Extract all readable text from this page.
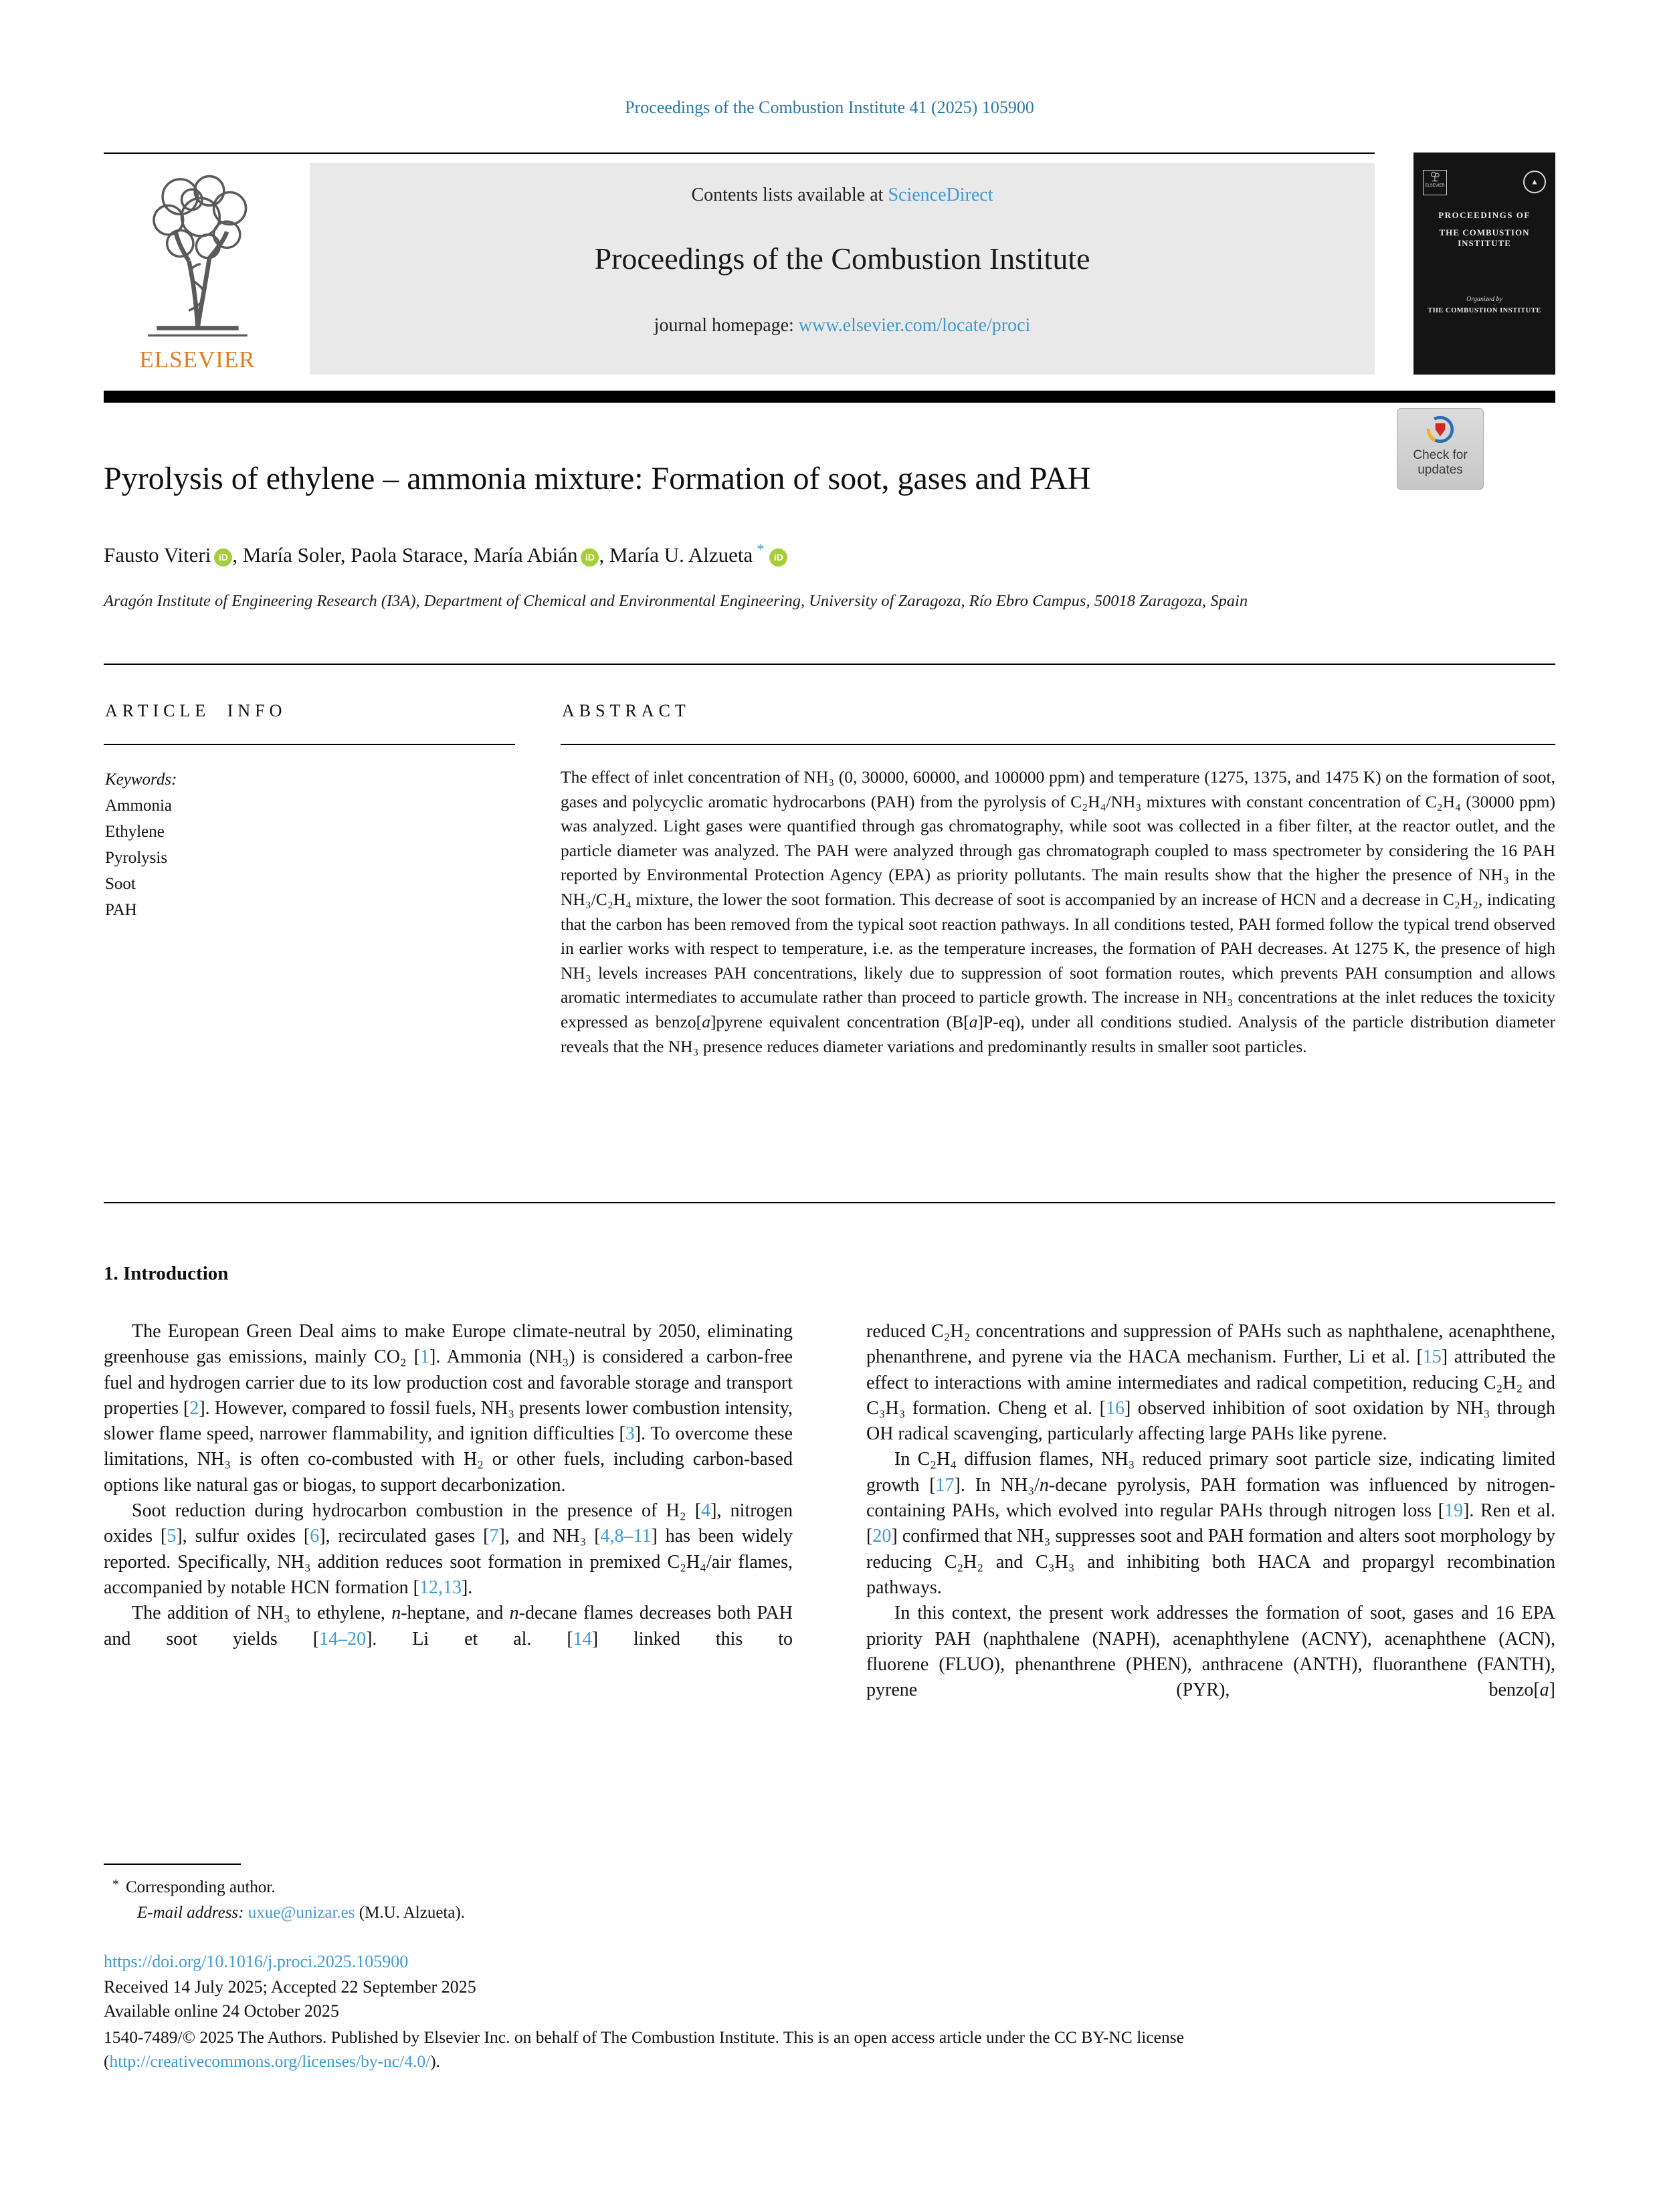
Proceedings of the Combustion Institute 41 (2025) 105900
ELSEVIER
Contents lists available at ScienceDirect
Proceedings of the Combustion Institute
journal homepage: www.elsevier.com/locate/proci
ELSEVIER	▲
PROCEEDINGS OF
THE COMBUSTION INSTITUTE
Organized by
THE COMBUSTION INSTITUTE
Pyrolysis of ethylene – ammonia mixture: Formation of soot, gases and PAH
Check for
updates
Fausto Viteri iD , María Soler, Paola Starace, María Abián iD , María U. Alzueta * iD
Aragón Institute of Engineering Research (I3A), Department of Chemical and Environmental Engineering, University of Zaragoza, Río Ebro Campus, 50018 Zaragoza, Spain
ARTICLE INFO	ABSTRACT
Keywords:
Ammonia
Ethylene
Pyrolysis
Soot
PAH
The effect of inlet concentration of NH₃ (0, 30000, 60000, and 100000 ppm) and temperature (1275, 1375, and 1475 K) on the formation of soot, gases and polycyclic aromatic hydrocarbons (PAH) from the pyrolysis of C₂H₄/NH₃ mixtures with constant concentration of C₂H₄ (30000 ppm) was analyzed. Light gases were quantified through gas chromatography, while soot was collected in a fiber filter, at the reactor outlet, and the particle diameter was analyzed. The PAH were analyzed through gas chromatograph coupled to mass spectrometer by considering the 16 PAH reported by Environmental Protection Agency (EPA) as priority pollutants. The main results show that the higher the presence of NH₃ in the NH₃/C₂H₄ mixture, the lower the soot formation. This decrease of soot is accompanied by an increase of HCN and a decrease in C₂H₂, indicating that the carbon has been removed from the typical soot reaction pathways. In all conditions tested, PAH formed follow the typical trend observed in earlier works with respect to temperature, i.e. as the temperature increases, the formation of PAH decreases. At 1275 K, the presence of high NH₃ levels increases PAH concentrations, likely due to suppression of soot formation routes, which prevents PAH consumption and allows aromatic intermediates to accumulate rather than proceed to particle growth. The increase in NH₃ concentrations at the inlet reduces the toxicity expressed as benzo[a]pyrene equivalent concentration (B[a]P-eq), under all conditions studied. Analysis of the particle distribution diameter reveals that the NH₃ presence reduces diameter variations and predominantly results in smaller soot particles.
1. Introduction

The European Green Deal aims to make Europe climate-neutral by 2050, eliminating greenhouse gas emissions, mainly CO₂ [1]. Ammonia (NH₃) is considered a carbon-free fuel and hydrogen carrier due to its low production cost and favorable storage and transport properties [2]. However, compared to fossil fuels, NH₃ presents lower combustion intensity, slower flame speed, narrower flammability, and ignition difficulties [3]. To overcome these limitations, NH₃ is often co-combusted with H₂ or other fuels, including carbon-based options like natural gas or biogas, to support decarbonization.

Soot reduction during hydrocarbon combustion in the presence of H₂ [4], nitrogen oxides [5], sulfur oxides [6], recirculated gases [7], and NH₃ [4,8–11] has been widely reported. Specifically, NH₃ addition reduces soot formation in premixed C₂H₄/air flames, accompanied by notable HCN formation [12,13].

The addition of NH₃ to ethylene, n-heptane, and n-decane flames decreases both PAH and soot yields [14–20]. Li et al. [14] linked this to

reduced C₂H₂ concentrations and suppression of PAHs such as naphthalene, acenaphthene, phenanthrene, and pyrene via the HACA mechanism. Further, Li et al. [15] attributed the effect to interactions with amine intermediates and radical competition, reducing C₂H₂ and C₃H₃ formation. Cheng et al. [16] observed inhibition of soot oxidation by NH₃ through OH radical scavenging, particularly affecting large PAHs like pyrene.

In C₂H₄ diffusion flames, NH₃ reduced primary soot particle size, indicating limited growth [17]. In NH₃/n-decane pyrolysis, PAH formation was influenced by nitrogen-containing PAHs, which evolved into regular PAHs through nitrogen loss [19]. Ren et al. [20] confirmed that NH₃ suppresses soot and PAH formation and alters soot morphology by reducing C₂H₂ and C₃H₃ and inhibiting both HACA and propargyl recombination pathways.

In this context, the present work addresses the formation of soot, gases and 16 EPA priority PAH (naphthalene (NAPH), acenaphthylene (ACNY), acenaphthene (ACN), fluorene (FLUO), phenanthrene (PHEN), anthracene (ANTH), fluoranthene (FANTH), pyrene (PYR), benzo[a]

* Corresponding author.
E-mail address: uxue@unizar.es (M.U. Alzueta).
https://doi.org/10.1016/j.proci.2025.105900
Received 14 July 2025; Accepted 22 September 2025
Available online 24 October 2025
1540-7489/© 2025 The Authors. Published by Elsevier Inc. on behalf of The Combustion Institute. This is an open access article under the CC BY-NC license
(http://creativecommons.org/licenses/by-nc/4.0/).
